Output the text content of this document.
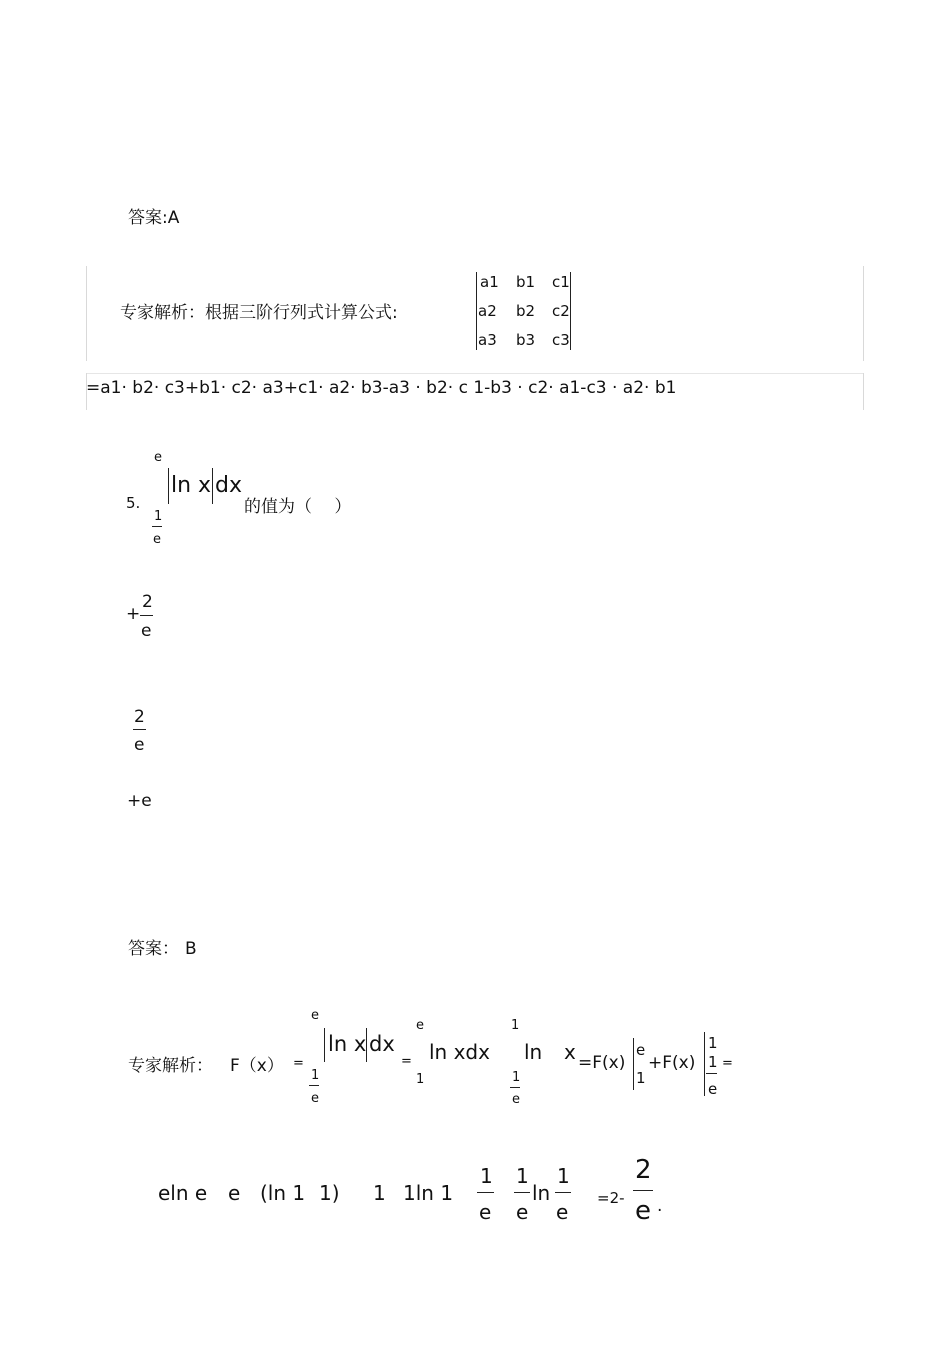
答案:A
专家解析：根据三阶行列式计算公式:
a1 b1 c1
a2 b2 c2
a3 b3 c3
=a1· b2· c3+b1· c2· a3+c1· a2· b3-a3 · b2· c 1-b3 · c2· a1-c3 · a2· b1
5.
e
ln x dx
1
e
的值为（　 ）
+
2
e
2
e
+e
答案： B
专家解析： F（x） =
e
ln x dx
1
e
=
e
1
ln xdx
1
ln x
1
e
=F(x)
e
1
+F(x)
1
1
e
=
eln e e (ln 1 1) 1 1ln 1
1
e
1
e
ln
1
e
=2-
2
e .
